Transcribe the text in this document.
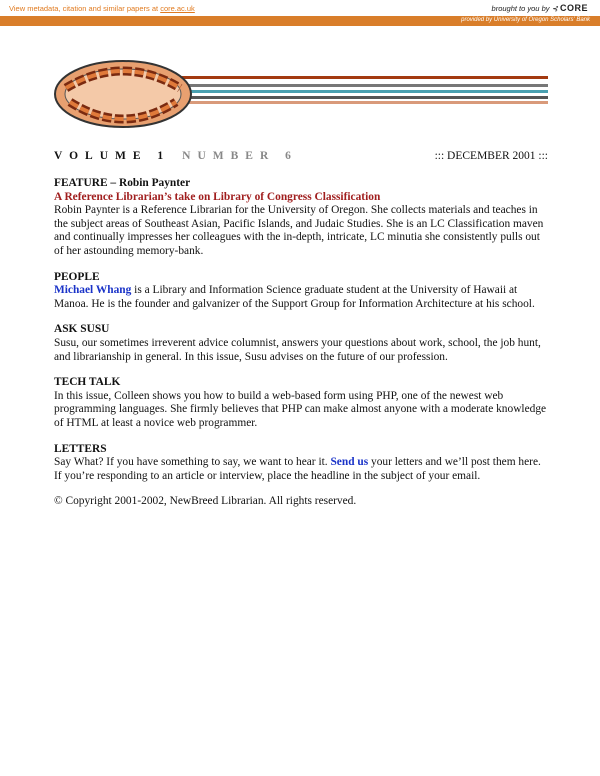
View metadata, citation and similar papers at core.ac.uk	brought to you by ⊰ CORE
provided by University of Oregon Scholars' Bank
VOLUME 1 NUMBER 6	::: DECEMBER 2001 :::
FEATURE – Robin Paynter
A Reference Librarian’s take on Library of Congress Classification

Robin Paynter is a Reference Librarian for the University of Oregon. She collects materials and teaches in the subject areas of Southeast Asian, Pacific Islands, and Judaic Studies. She is an LC Classification maven and continually impresses her colleagues with the in-depth, intricate, LC minutia she consistently pulls out of her astounding memory-bank.

PEOPLE

Michael Whang is a Library and Information Science graduate student at the University of Hawaii at Manoa. He is the founder and galvanizer of the Support Group for Information Architecture at his school.

ASK SUSU

Susu, our sometimes irreverent advice columnist, answers your questions about work, school, the job hunt, and librarianship in general. In this issue, Susu advises on the future of our profession.

TECH TALK

In this issue, Colleen shows you how to build a web-based form using PHP, one of the newest web programming languages. She firmly believes that PHP can make almost anyone with a moderate knowledge of HTML at least a novice web programmer.

LETTERS

Say What? If you have something to say, we want to hear it. Send us your letters and we’ll post them here. If you’re responding to an article or interview, place the headline in the subject of your email.

© Copyright 2001-2002, NewBreed Librarian. All rights reserved.
